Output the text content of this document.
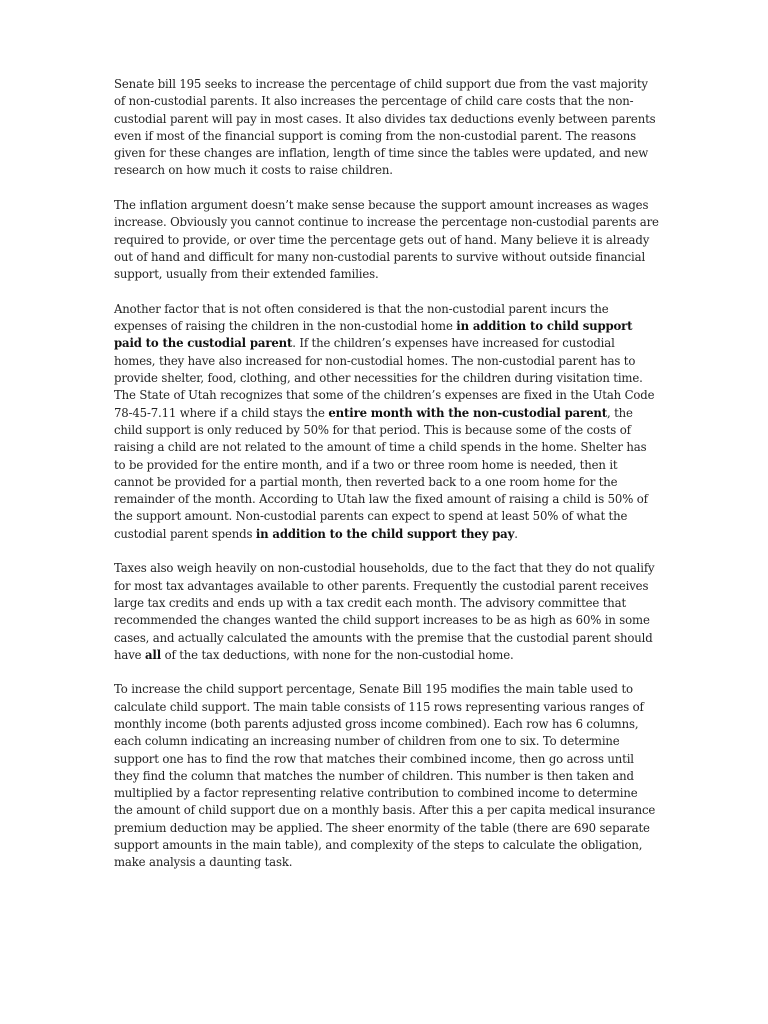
Senate bill 195 seeks to increase the percentage of child support due from the vast majority of non-custodial parents. It also increases the percentage of child care costs that the non-custodial parent will pay in most cases. It also divides tax deductions evenly between parents even if most of the financial support is coming from the non-custodial parent. The reasons given for these changes are inflation, length of time since the tables were updated, and new research on how much it costs to raise children.

The inflation argument doesn’t make sense because the support amount increases as wages increase. Obviously you cannot continue to increase the percentage non-custodial parents are required to provide, or over time the percentage gets out of hand. Many believe it is already out of hand and difficult for many non-custodial parents to survive without outside financial support, usually from their extended families.

Another factor that is not often considered is that the non-custodial parent incurs the expenses of raising the children in the non-custodial home in addition to child support paid to the custodial parent. If the children’s expenses have increased for custodial homes, they have also increased for non-custodial homes. The non-custodial parent has to provide shelter, food, clothing, and other necessities for the children during visitation time. The State of Utah recognizes that some of the children’s expenses are fixed in the Utah Code 78-45-7.11 where if a child stays the entire month with the non-custodial parent, the child support is only reduced by 50% for that period. This is because some of the costs of raising a child are not related to the amount of time a child spends in the home. Shelter has to be provided for the entire month, and if a two or three room home is needed, then it cannot be provided for a partial month, then reverted back to a one room home for the remainder of the month. According to Utah law the fixed amount of raising a child is 50% of the support amount. Non-custodial parents can expect to spend at least 50% of what the custodial parent spends in addition to the child support they pay.

Taxes also weigh heavily on non-custodial households, due to the fact that they do not qualify for most tax advantages available to other parents. Frequently the custodial parent receives large tax credits and ends up with a tax credit each month. The advisory committee that recommended the changes wanted the child support increases to be as high as 60% in some cases, and actually calculated the amounts with the premise that the custodial parent should have all of the tax deductions, with none for the non-custodial home.

To increase the child support percentage, Senate Bill 195 modifies the main table used to calculate child support. The main table consists of 115 rows representing various ranges of monthly income (both parents adjusted gross income combined). Each row has 6 columns, each column indicating an increasing number of children from one to six. To determine support one has to find the row that matches their combined income, then go across until they find the column that matches the number of children. This number is then taken and multiplied by a factor representing relative contribution to combined income to determine the amount of child support due on a monthly basis. After this a per capita medical insurance premium deduction may be applied. The sheer enormity of the table (there are 690 separate support amounts in the main table), and complexity of the steps to calculate the obligation, make analysis a daunting task.
